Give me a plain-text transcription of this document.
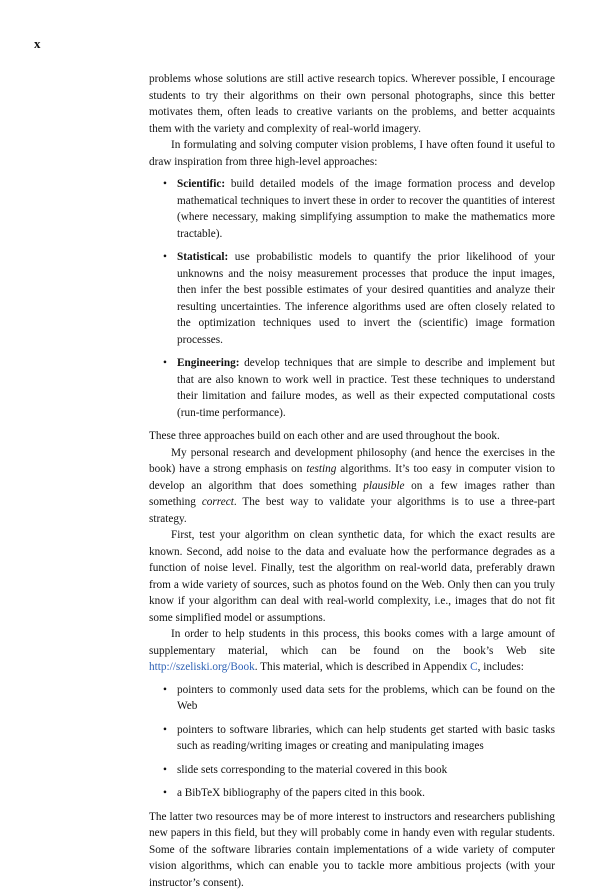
x

problems whose solutions are still active research topics. Wherever possible, I encourage students to try their algorithms on their own personal photographs, since this better motivates them, often leads to creative variants on the problems, and better acquaints them with the variety and complexity of real-world imagery.

In formulating and solving computer vision problems, I have often found it useful to draw inspiration from three high-level approaches:

• Scientific: build detailed models of the image formation process and develop mathematical techniques to invert these in order to recover the quantities of interest (where necessary, making simplifying assumption to make the mathematics more tractable).
• Statistical: use probabilistic models to quantify the prior likelihood of your unknowns and the noisy measurement processes that produce the input images, then infer the best possible estimates of your desired quantities and analyze their resulting uncertainties. The inference algorithms used are often closely related to the optimization techniques used to invert the (scientific) image formation processes.
• Engineering: develop techniques that are simple to describe and implement but that are also known to work well in practice. Test these techniques to understand their limitation and failure modes, as well as their expected computational costs (run-time performance).

These three approaches build on each other and are used throughout the book.

My personal research and development philosophy (and hence the exercises in the book) have a strong emphasis on testing algorithms. It’s too easy in computer vision to develop an algorithm that does something plausible on a few images rather than something correct. The best way to validate your algorithms is to use a three-part strategy.

First, test your algorithm on clean synthetic data, for which the exact results are known. Second, add noise to the data and evaluate how the performance degrades as a function of noise level. Finally, test the algorithm on real-world data, preferably drawn from a wide variety of sources, such as photos found on the Web. Only then can you truly know if your algorithm can deal with real-world complexity, i.e., images that do not fit some simplified model or assumptions.

In order to help students in this process, this books comes with a large amount of supplementary material, which can be found on the book’s Web site http://szeliski.org/Book. This material, which is described in Appendix C, includes:

• pointers to commonly used data sets for the problems, which can be found on the Web
• pointers to software libraries, which can help students get started with basic tasks such as reading/writing images or creating and manipulating images
• slide sets corresponding to the material covered in this book
• a BibTeX bibliography of the papers cited in this book.

The latter two resources may be of more interest to instructors and researchers publishing new papers in this field, but they will probably come in handy even with regular students. Some of the software libraries contain implementations of a wide variety of computer vision algorithms, which can enable you to tackle more ambitious projects (with your instructor’s consent).
